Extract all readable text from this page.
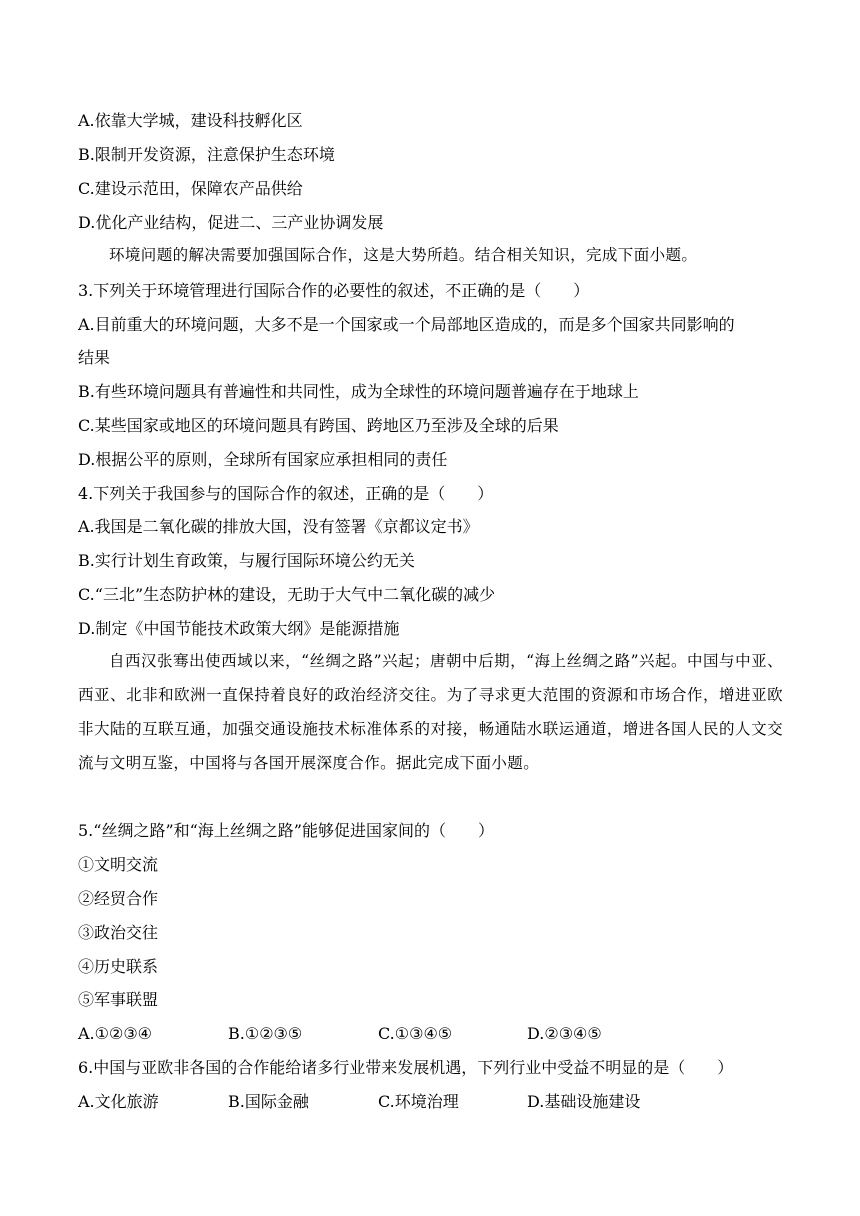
A.依靠大学城，建设科技孵化区
B.限制开发资源，注意保护生态环境
C.建设示范田，保障农产品供给
D.优化产业结构，促进二、三产业协调发展
环境问题的解决需要加强国际合作，这是大势所趋。结合相关知识，完成下面小题。
3.下列关于环境管理进行国际合作的必要性的叙述，不正确的是（　　）
A.目前重大的环境问题，大多不是一个国家或一个局部地区造成的，而是多个国家共同影响的
结果
B.有些环境问题具有普遍性和共同性，成为全球性的环境问题普遍存在于地球上
C.某些国家或地区的环境问题具有跨国、跨地区乃至涉及全球的后果
D.根据公平的原则，全球所有国家应承担相同的责任
4.下列关于我国参与的国际合作的叙述，正确的是（　　）
A.我国是二氧化碳的排放大国，没有签署《京都议定书》
B.实行计划生育政策，与履行国际环境公约无关
C.“三北”生态防护林的建设，无助于大气中二氧化碳的减少
D.制定《中国节能技术政策大纲》是能源措施
自西汉张骞出使西域以来，“丝绸之路”兴起；唐朝中后期，“海上丝绸之路”兴起。中国与中亚、西亚、北非和欧洲一直保持着良好的政治经济交往。为了寻求更大范围的资源和市场合作，增进亚欧非大陆的互联互通，加强交通设施技术标准体系的对接，畅通陆水联运通道，增进各国人民的人文交流与文明互鉴，中国将与各国开展深度合作。据此完成下面小题。
5.“丝绸之路”和“海上丝绸之路”能够促进国家间的（　　）
①文明交流
②经贸合作
③政治交往
④历史联系
⑤军事联盟
A.①②③④	B.①②③⑤	C.①③④⑤	D.②③④⑤
6.中国与亚欧非各国的合作能给诸多行业带来发展机遇，下列行业中受益不明显的是（　　）
A.文化旅游	B.国际金融	C.环境治理	D.基础设施建设
